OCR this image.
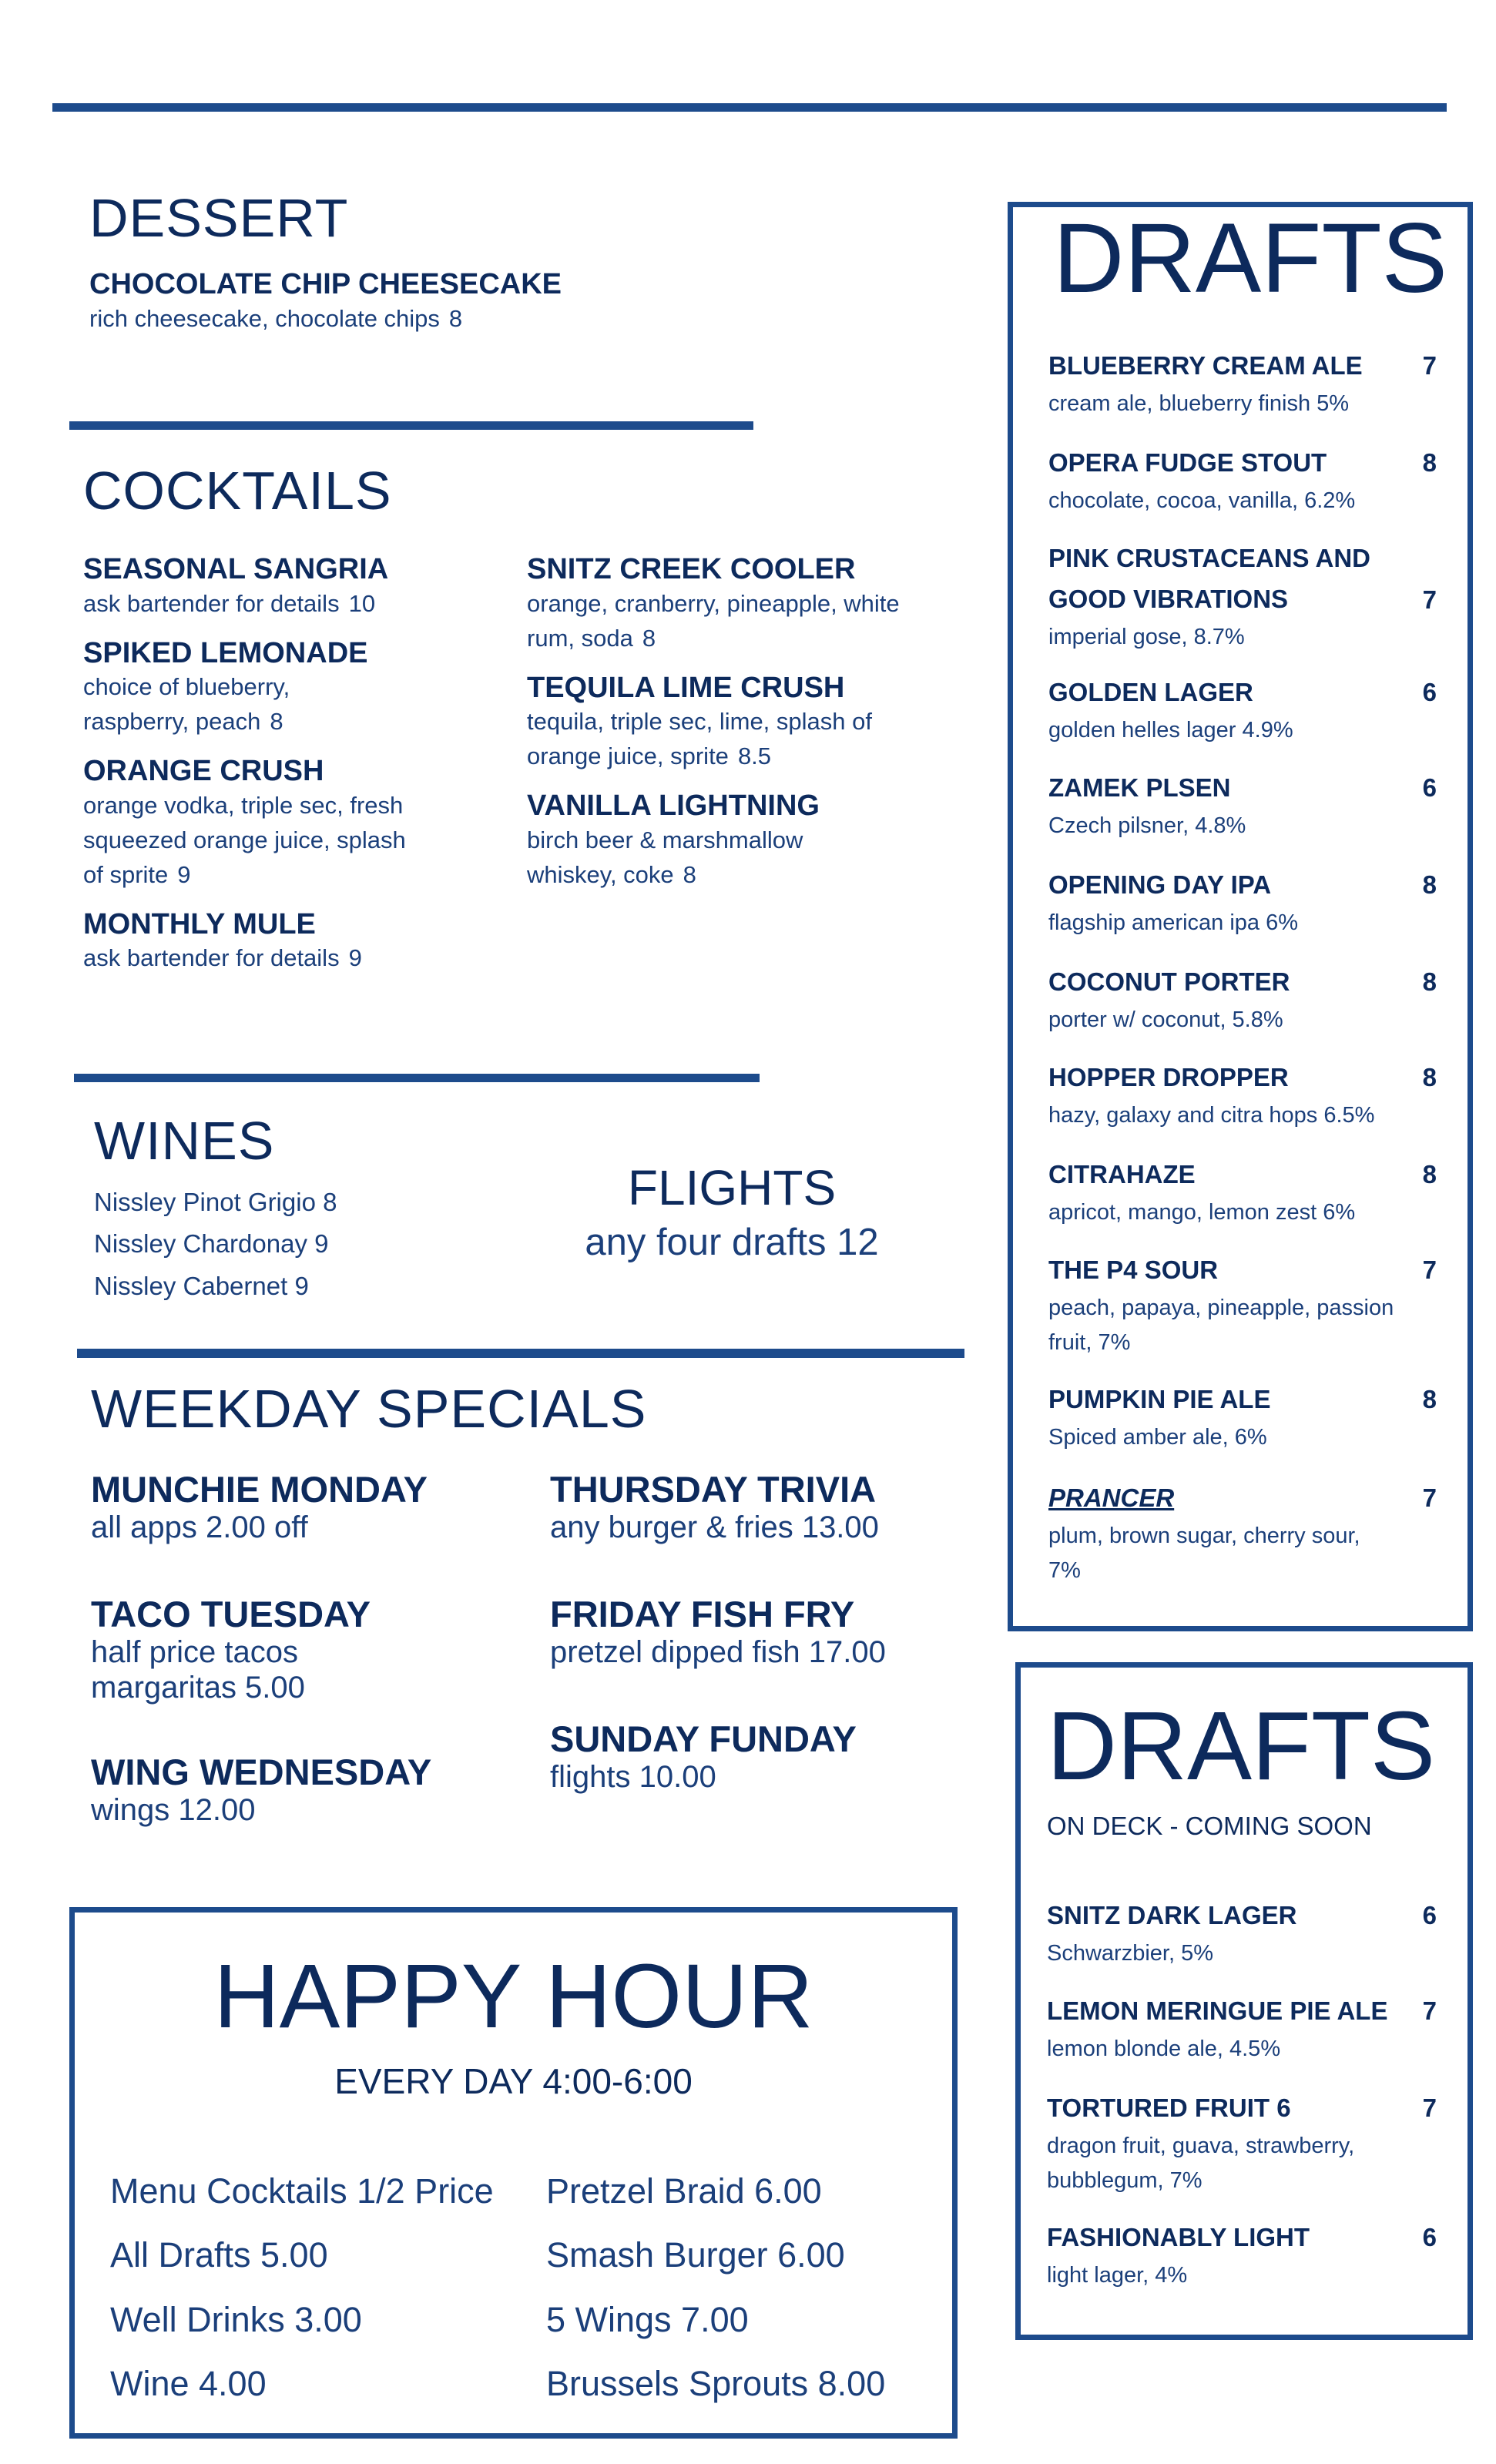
DESSERT
CHOCOLATE CHIP CHEESECAKE
rich cheesecake, chocolate chips 8
COCKTAILS
SEASONAL SANGRIA
ask bartender for details 10
SPIKED LEMONADE
choice of blueberry, raspberry, peach 8
ORANGE CRUSH
orange vodka, triple sec, fresh squeezed orange juice, splash of sprite 9
MONTHLY MULE
ask bartender for details 9
SNITZ CREEK COOLER
orange, cranberry, pineapple, white rum, soda 8
TEQUILA LIME CRUSH
tequila, triple sec, lime, splash of orange juice, sprite 8.5
VANILLA LIGHTNING
birch beer & marshmallow whiskey, coke 8
WINES
Nissley Pinot Grigio 8
Nissley Chardonay 9
Nissley Cabernet 9
FLIGHTS
any four drafts 12
WEEKDAY SPECIALS
MUNCHIE MONDAY
all apps 2.00 off
TACO TUESDAY
half price tacos
margaritas 5.00
WING WEDNESDAY
wings 12.00
THURSDAY TRIVIA
any burger & fries 13.00
FRIDAY FISH FRY
pretzel dipped fish 17.00
SUNDAY FUNDAY
flights 10.00
HAPPY HOUR
EVERY DAY 4:00-6:00
Menu Cocktails 1/2 Price
All Drafts 5.00
Well Drinks 3.00
Wine 4.00
Pretzel Braid 6.00
Smash Burger 6.00
5 Wings 7.00
Brussels Sprouts 8.00
DRAFTS
BLUEBERRY CREAM ALE	7
cream ale, blueberry finish 5%
OPERA FUDGE STOUT	8
chocolate, cocoa, vanilla, 6.2%
PINK CRUSTACEANS AND GOOD VIBRATIONS	7
imperial gose, 8.7%
GOLDEN LAGER	6
golden helles lager 4.9%
ZAMEK PLSEN	6
Czech pilsner, 4.8%
OPENING DAY IPA	8
flagship american ipa 6%
COCONUT PORTER	8
porter w/ coconut, 5.8%
HOPPER DROPPER	8
hazy, galaxy and citra hops 6.5%
CITRAHAZE	8
apricot, mango, lemon zest 6%
THE P4 SOUR	7
peach, papaya, pineapple, passion fruit, 7%
PUMPKIN PIE ALE	8
Spiced amber ale, 6%
PRANCER	7
plum, brown sugar, cherry sour, 7%
DRAFTS
ON DECK - COMING SOON
SNITZ DARK LAGER	6
Schwarzbier, 5%
LEMON MERINGUE PIE ALE	7
lemon blonde ale, 4.5%
TORTURED FRUIT 6	7
dragon fruit, guava, strawberry, bubblegum, 7%
FASHIONABLY LIGHT	6
light lager, 4%
